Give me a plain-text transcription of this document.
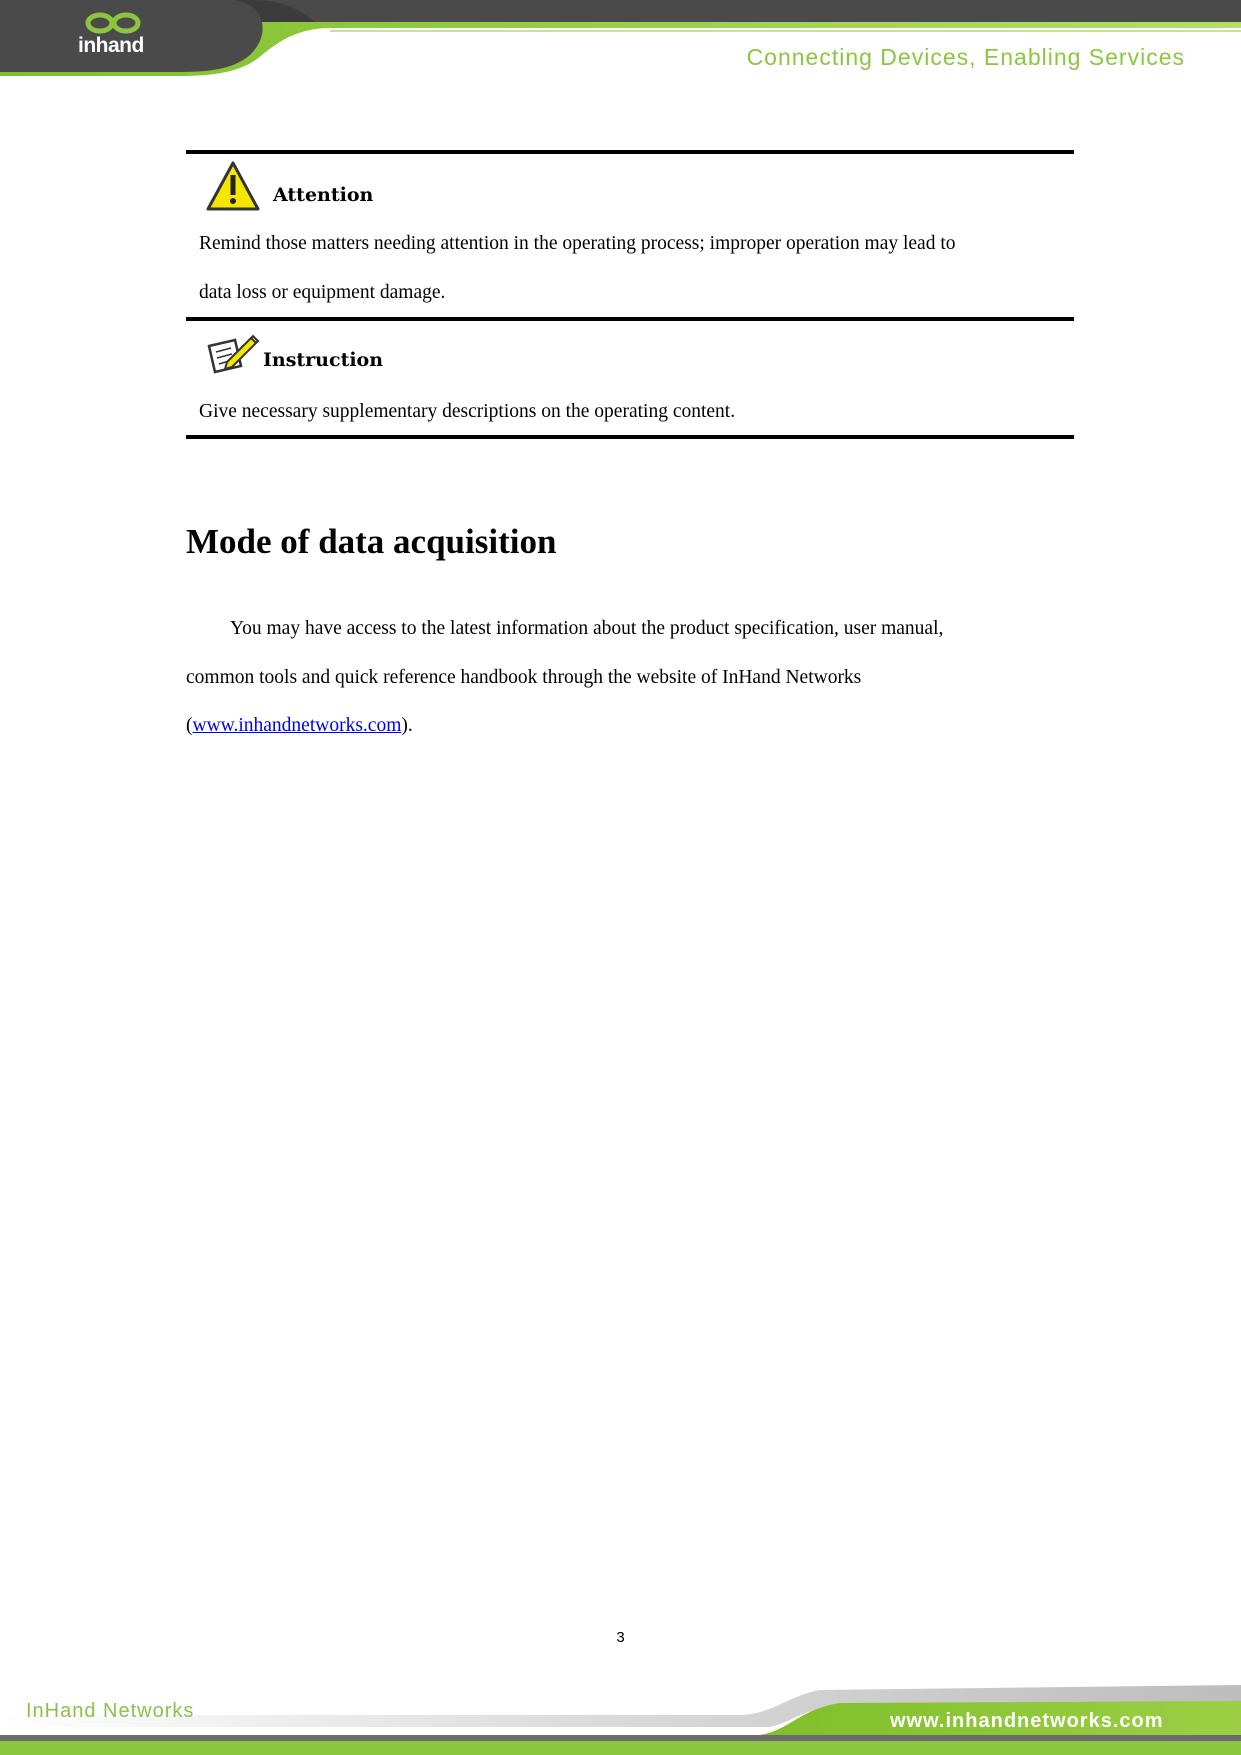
inhand	Connecting Devices, Enabling Services
Attention
Remind those matters needing attention in the operating process; improper operation may lead to
data loss or equipment damage.
Instruction
Give necessary supplementary descriptions on the operating content.
Mode of data acquisition
You may have access to the latest information about the product specification, user manual,
common tools and quick reference handbook through the website of InHand Networks
(www.inhandnetworks.com).
3
InHand Networks	www.inhandnetworks.com
